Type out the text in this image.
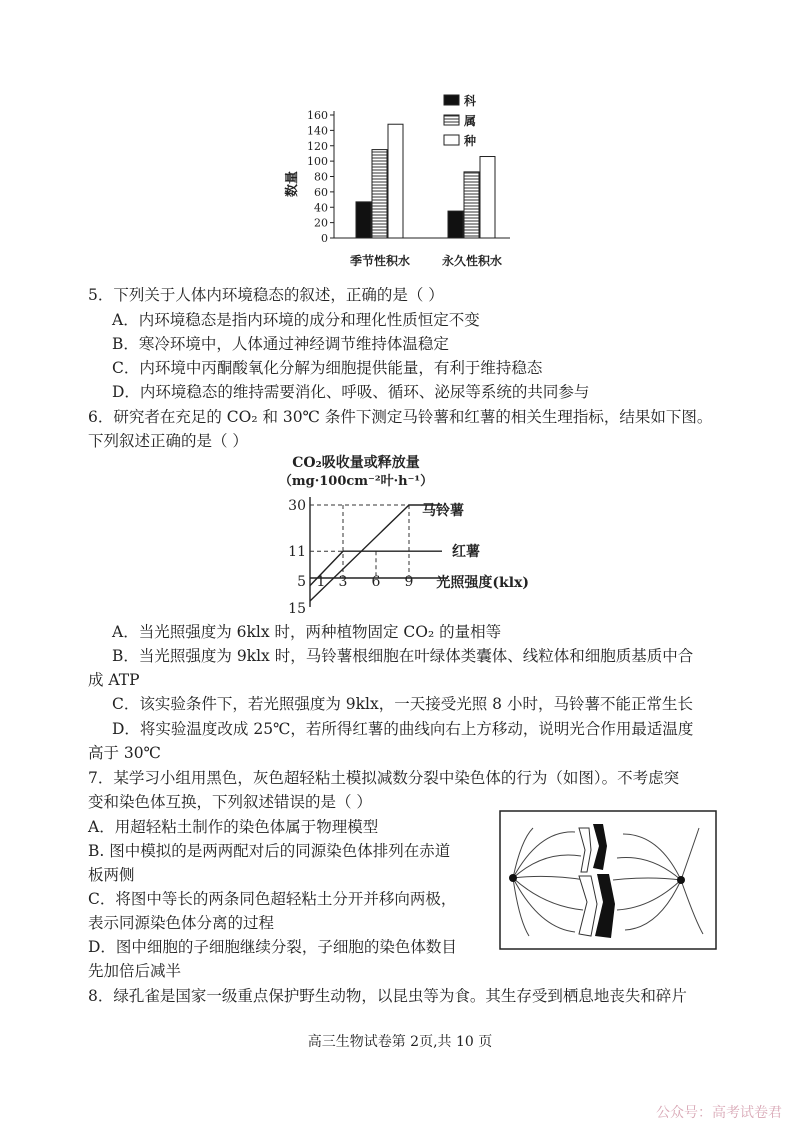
数量
0
20
40
60
80
100
120
140
160
季节性积水	永久性积水
科
属
种
5．下列关于人体内环境稳态的叙述，正确的是（ ）
A．内环境稳态是指内环境的成分和理化性质恒定不变
B．寒冷环境中，人体通过神经调节维持体温稳定
C．内环境中丙酮酸氧化分解为细胞提供能量，有利于维持稳态
D．内环境稳态的维持需要消化、呼吸、循环、泌尿等系统的共同参与
6．研究者在充足的 CO₂ 和 30℃ 条件下测定马铃薯和红薯的相关生理指标，结果如下图。
下列叙述正确的是（ ）
CO₂吸收量或释放量
（mg·100cm⁻²叶·h⁻¹）
30
11
5
15
1 3 6 9 光照强度(klx)
马铃薯
红薯
A．当光照强度为 6klx 时，两种植物固定 CO₂ 的量相等
B．当光照强度为 9klx 时，马铃薯根细胞在叶绿体类囊体、线粒体和细胞质基质中合
成 ATP
C．该实验条件下，若光照强度为 9klx，一天接受光照 8 小时，马铃薯不能正常生长
D．将实验温度改成 25℃，若所得红薯的曲线向右上方移动，说明光合作用最适温度
高于 30℃
7．某学习小组用黑色，灰色超轻粘土模拟减数分裂中染色体的行为（如图）。不考虑突
变和染色体互换，下列叙述错误的是（ ）
A．用超轻粘土制作的染色体属于物理模型
B. 图中模拟的是两两配对后的同源染色体排列在赤道
板两侧
C．将图中等长的两条同色超轻粘土分开并移向两极，
表示同源染色体分离的过程
D．图中细胞的子细胞继续分裂，子细胞的染色体数目
先加倍后减半
8．绿孔雀是国家一级重点保护野生动物，以昆虫等为食。其生存受到栖息地丧失和碎片
高三生物试卷第 2页,共 10 页
公众号：高考试卷君
